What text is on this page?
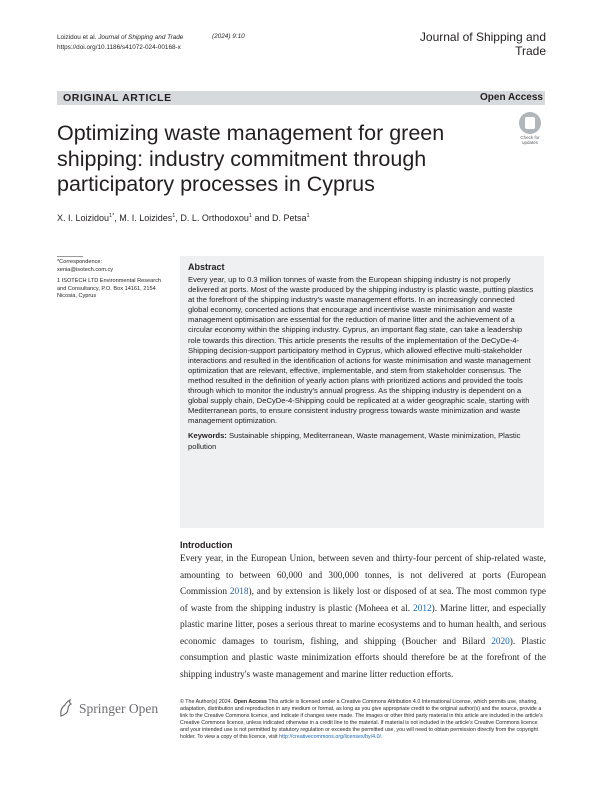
Loizidou et al. Journal of Shipping and Trade
https://doi.org/10.1186/s41072-024-00168-x
(2024) 9:10	Journal of Shipping and Trade
ORIGINAL ARTICLE	Open Access
Optimizing waste management for green shipping: industry commitment through participatory processes in Cyprus
Check for updates
X. I. Loizidou$^{1*}$, M. I. Loizides$^1$, D. L. Orthodoxou$^1$ and D. Petsa$^1$
*Correspondence:
xenia@isotech.com.cy
1 ISOTECH LTD Environmental Research and Consultancy, P.O. Box 14161, 2154 Nicosia, Cyprus
Abstract
Every year, up to 0.3 million tonnes of waste from the European shipping industry is not properly delivered at ports. Most of the waste produced by the shipping industry is plastic waste, putting plastics at the forefront of the shipping industry's waste management efforts. In an increasingly connected global economy, concerted actions that encourage and incentivise waste minimisation and waste management optimisation are essential for the reduction of marine litter and the achievement of a circular economy within the shipping industry. Cyprus, an important flag state, can take a leadership role towards this direction. This article presents the results of the implementation of the DeCyDe-4-Shipping decision-support participatory method in Cyprus, which allowed effective multi-stakeholder interactions and resulted in the identification of actions for waste minimisation and waste management optimization that are relevant, effective, implementable, and stem from stakeholder consensus. The method resulted in the definition of yearly action plans with prioritized actions and provided the tools through which to monitor the industry's annual progress. As the shipping industry is dependent on a global supply chain, DeCyDe-4-Shipping could be replicated at a wider geographic scale, starting with Mediterranean ports, to ensure consistent industry progress towards waste minimization and waste management optimization.
Keywords: Sustainable shipping, Mediterranean, Waste management, Waste minimization, Plastic pollution
Introduction
Every year, in the European Union, between seven and thirty-four percent of ship-related waste, amounting to between 60,000 and 300,000 tonnes, is not delivered at ports (European Commission 2018), and by extension is likely lost or disposed of at sea. The most common type of waste from the shipping industry is plastic (Moheea et al. 2012). Marine litter, and especially plastic marine litter, poses a serious threat to marine ecosystems and to human health, and serious economic damages to tourism, fishing, and shipping (Boucher and Bilard 2020). Plastic consumption and plastic waste minimization efforts should therefore be at the forefront of the shipping industry's waste management and marine litter reduction efforts.
Springer Open	© The Author(s) 2024. Open Access This article is licensed under a Creative Commons Attribution 4.0 International License, which permits use, sharing, adaptation, distribution and reproduction in any medium or format, as long as you give appropriate credit to the original author(s) and the source, provide a link to the Creative Commons licence, and indicate if changes were made. The images or other third party material in this article are included in the article's Creative Commons licence, unless indicated otherwise in a credit line to the material. If material is not included in the article's Creative Commons licence and your intended use is not permitted by statutory regulation or exceeds the permitted use, you will need to obtain permission directly from the copyright holder. To view a copy of this licence, visit http://creativecommons.org/licenses/by/4.0/.
